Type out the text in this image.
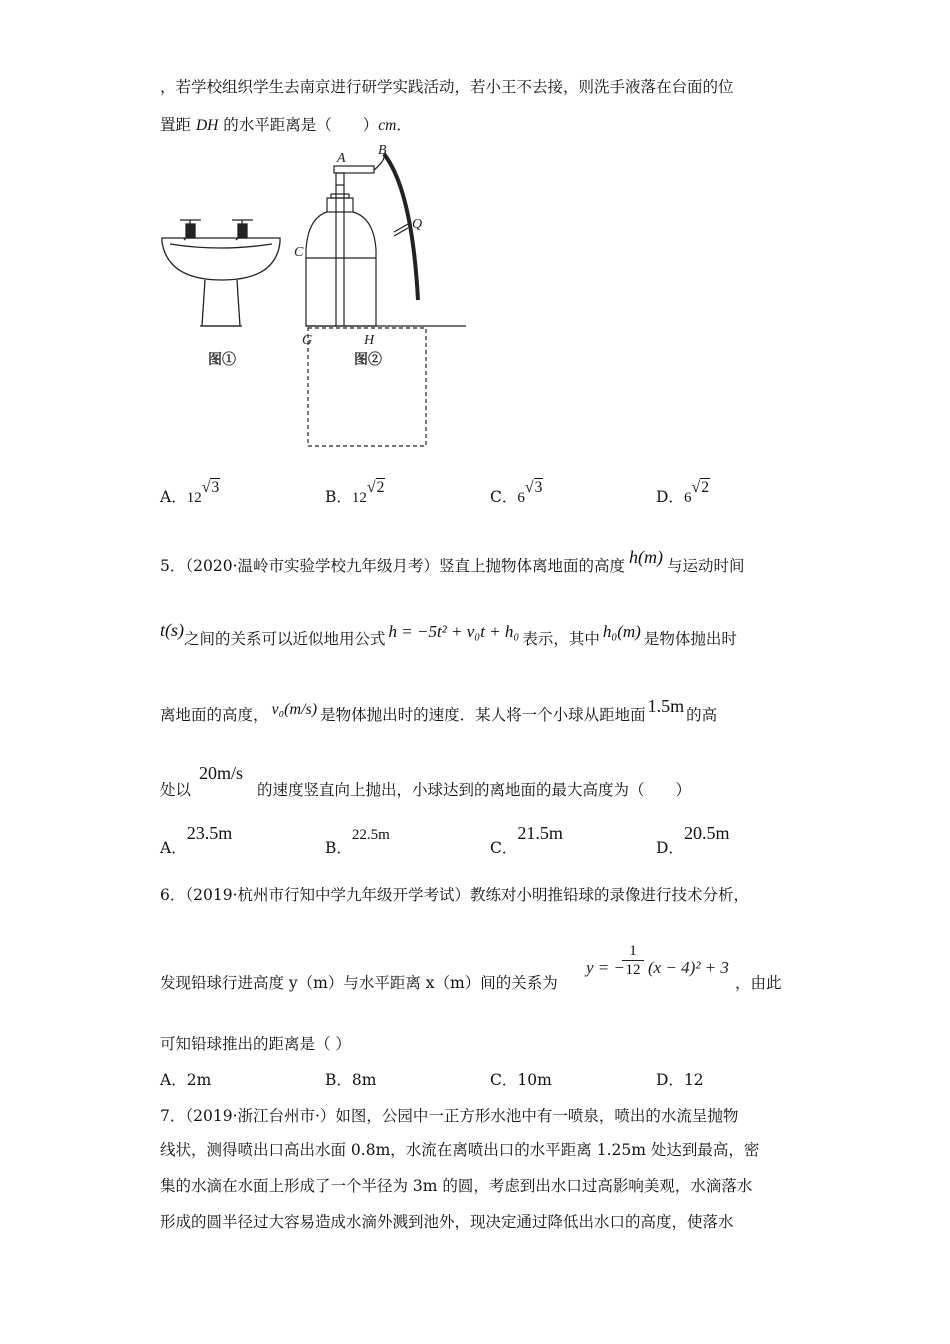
，若学校组织学生去南京进行研学实践活动，若小王不去接，则洗手液落在台面的位
置距 DH 的水平距离是（　　）cm．
图①
A
B
C
Q
G	H
图②
A．12√3
B．12√2
C．6√3
D．6√2
5．（2020·温岭市实验学校九年级月考）竖直上抛物体离地面的高度 h(m) 与运动时间
t(s)之间的关系可以近似地用公式 h = −5t² + v₀t + h₀ 表示，其中 h₀(m) 是物体抛出时
离地面的高度， v₀(m/s) 是物体抛出时的速度．某人将一个小球从距地面 1.5m 的高
处以20m/s的速度竖直向上抛出，小球达到的离地面的最大高度为（　　）
A．23.5m
B．22.5m
C．21.5m
D．20.5m
6．（2019·杭州市行知中学九年级开学考试）教练对小明推铅球的录像进行技术分析，
发现铅球行进高度 y（m）与水平距离 x（m）间的关系为
y = −
$\frac{1}{12} (x - 4)^2 + 3$
，由此
可知铅球推出的距离是（ ）
A．2m	B．8m	C．10m	D．12
7．（2019·浙江台州市·）如图，公园中一正方形水池中有一喷泉，喷出的水流呈抛物
线状，测得喷出口高出水面 0.8m，水流在离喷出口的水平距离 1.25m 处达到最高，密
集的水滴在水面上形成了一个半径为 3m 的圆，考虑到出水口过高影响美观，水滴落水
形成的圆半径过大容易造成水滴外溅到池外，现决定通过降低出水口的高度，使落水
